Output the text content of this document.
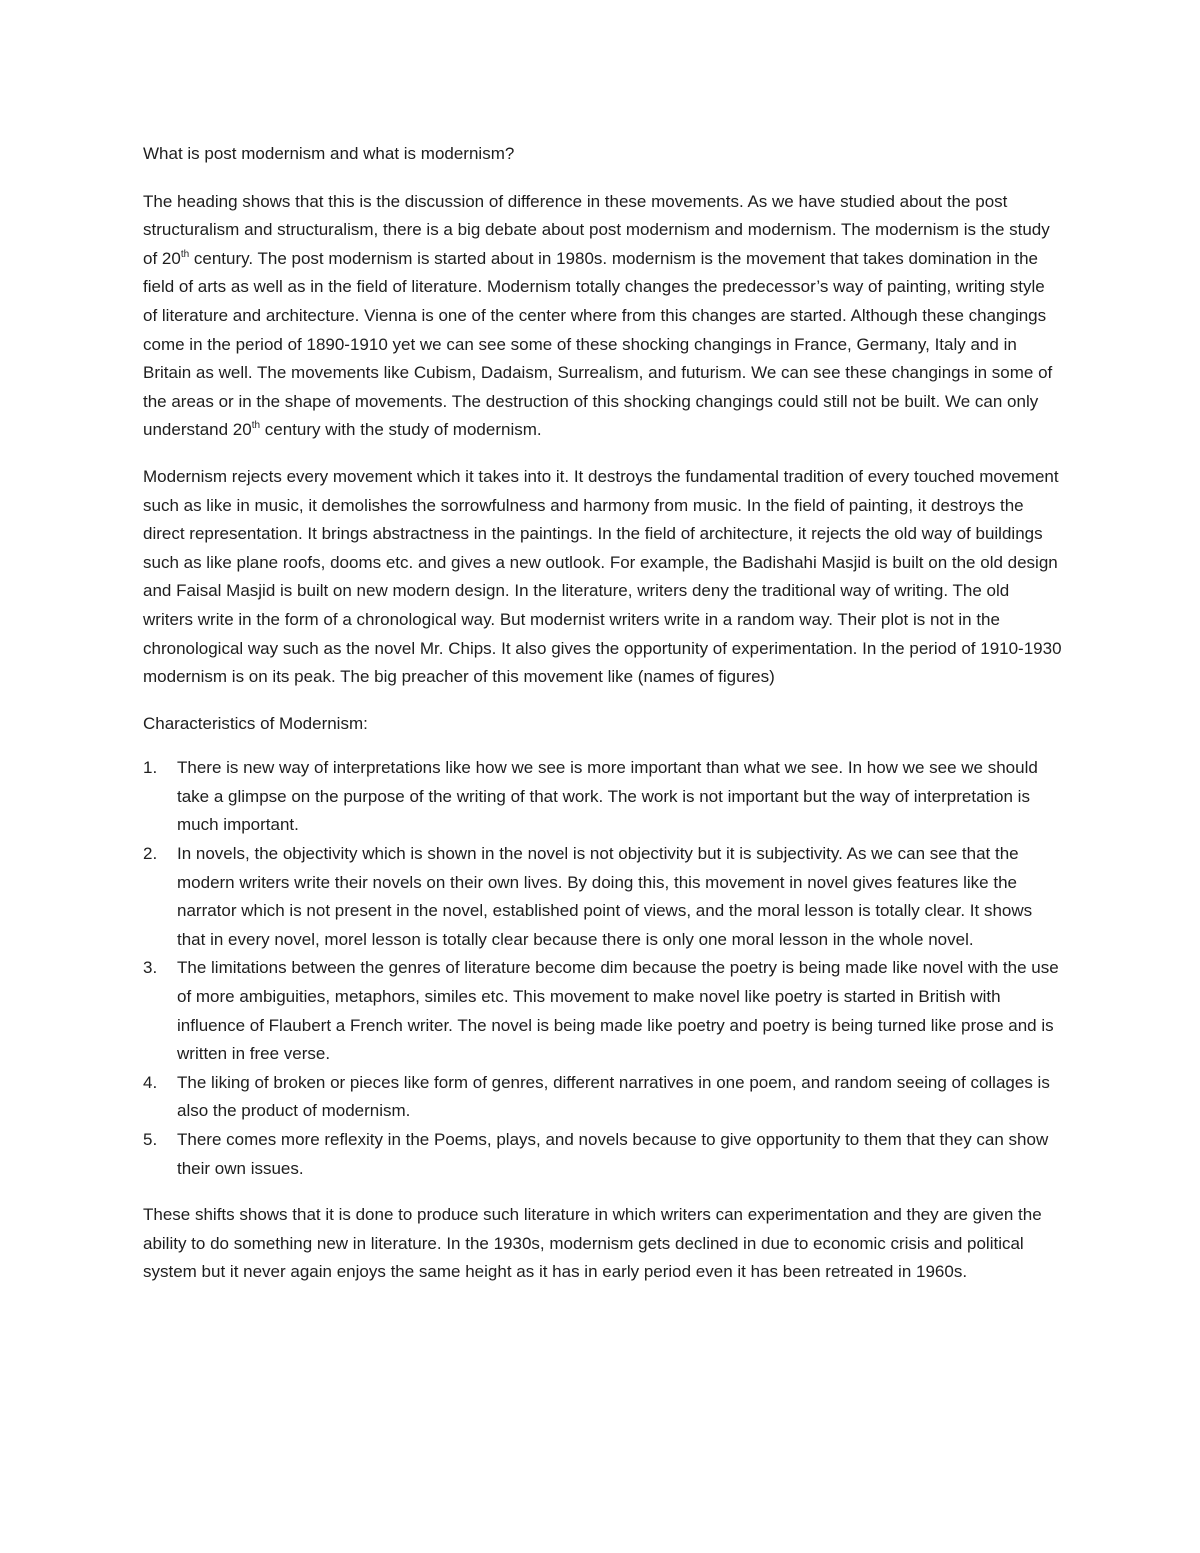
What is post modernism and what is modernism?

The heading shows that this is the discussion of difference in these movements. As we have studied about the post structuralism and structuralism, there is a big debate about post modernism and modernism. The modernism is the study of 20th century. The post modernism is started about in 1980s. modernism is the movement that takes domination in the field of arts as well as in the field of literature. Modernism totally changes the predecessor’s way of painting, writing style of literature and architecture. Vienna is one of the center where from this changes are started. Although these changings come in the period of 1890-1910 yet we can see some of these shocking changings in France, Germany, Italy and in Britain as well. The movements like Cubism, Dadaism, Surrealism, and futurism. We can see these changings in some of the areas or in the shape of movements. The destruction of this shocking changings could still not be built. We can only understand 20th century with the study of modernism.

Modernism rejects every movement which it takes into it. It destroys the fundamental tradition of every touched movement such as like in music, it demolishes the sorrowfulness and harmony from music. In the field of painting, it destroys the direct representation. It brings abstractness in the paintings. In the field of architecture, it rejects the old way of buildings such as like plane roofs, dooms etc. and gives a new outlook. For example, the Badishahi Masjid is built on the old design and Faisal Masjid is built on new modern design. In the literature, writers deny the traditional way of writing. The old writers write in the form of a chronological way. But modernist writers write in a random way. Their plot is not in the chronological way such as the novel Mr. Chips. It also gives the opportunity of experimentation. In the period of 1910-1930 modernism is on its peak. The big preacher of this movement like (names of figures)

Characteristics of Modernism:

1. There is new way of interpretations like how we see is more important than what we see. In how we see we should take a glimpse on the purpose of the writing of that work. The work is not important but the way of interpretation is much important.
2. In novels, the objectivity which is shown in the novel is not objectivity but it is subjectivity. As we can see that the modern writers write their novels on their own lives. By doing this, this movement in novel gives features like the narrator which is not present in the novel, established point of views, and the moral lesson is totally clear. It shows that in every novel, morel lesson is totally clear because there is only one moral lesson in the whole novel.
3. The limitations between the genres of literature become dim because the poetry is being made like novel with the use of more ambiguities, metaphors, similes etc. This movement to make novel like poetry is started in British with influence of Flaubert a French writer. The novel is being made like poetry and poetry is being turned like prose and is written in free verse.
4. The liking of broken or pieces like form of genres, different narratives in one poem, and random seeing of collages is also the product of modernism.
5. There comes more reflexity in the Poems, plays, and novels because to give opportunity to them that they can show their own issues.

These shifts shows that it is done to produce such literature in which writers can experimentation and they are given the ability to do something new in literature. In the 1930s, modernism gets declined in due to economic crisis and political system but it never again enjoys the same height as it has in early period even it has been retreated in 1960s.
